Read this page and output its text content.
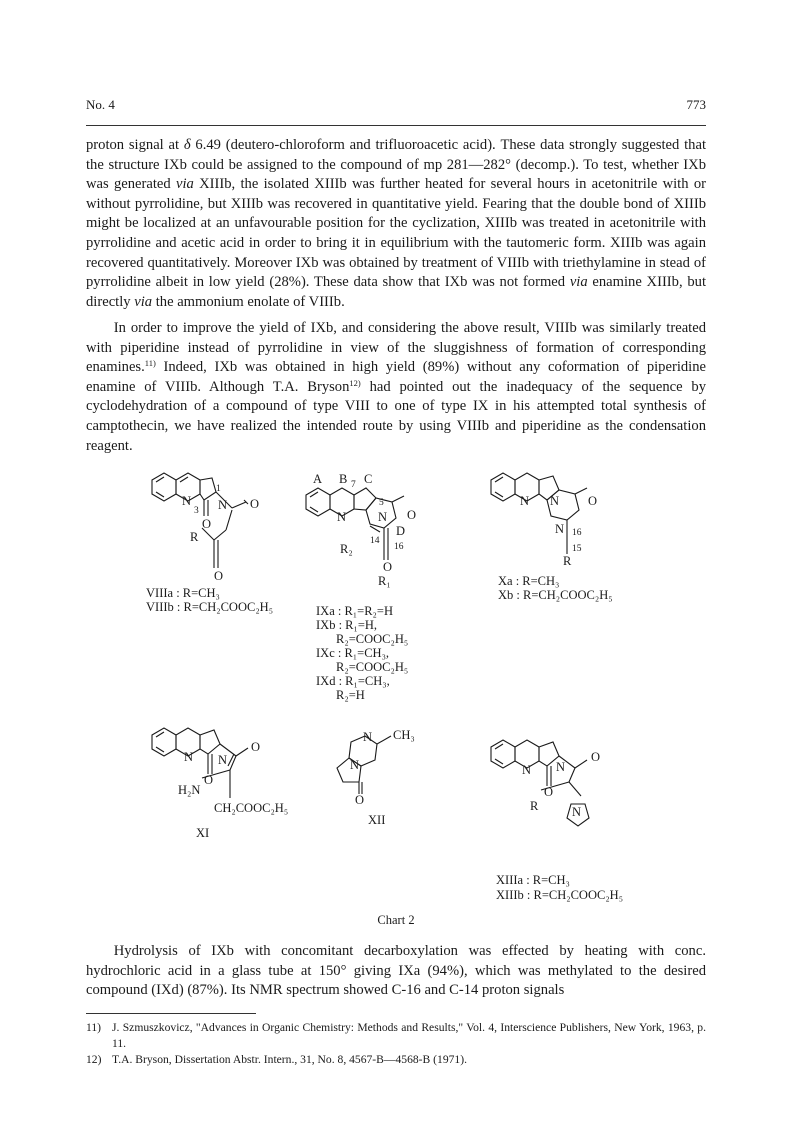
No. 4	773

proton signal at δ 6.49 (deutero-chloroform and trifluoroacetic acid). These data strongly suggested that the structure IXb could be assigned to the compound of mp 281—282° (decomp.). To test, whether IXb was generated via XIIIb, the isolated XIIIb was further heated for several hours in acetonitrile with or without pyrrolidine, but XIIIb was recovered in quantitative yield. Fearing that the double bond of XIIIb might be localized at an unfavourable position for the cyclization, XIIIb was treated in acetonitrile with pyrrolidine and acetic acid in order to bring it in equilibrium with the tautomeric form. XIIIb was again recovered quantitatively. Moreover IXb was obtained by treatment of VIIIb with triethylamine in stead of pyrrolidine albeit in low yield (28%). These data show that IXb was not formed via enamine XIIIb, but directly via the ammonium enolate of VIIIb.

In order to improve the yield of IXb, and considering the above result, VIIIb was similarly treated with piperidine instead of pyrrolidine in view of the sluggishness of formation of corresponding enamines.$^{11)}$ Indeed, IXb was obtained in high yield (89%) without any coformation of piperidine enamine of VIIIb. Although T.A. Bryson$^{12)}$ had pointed out the inadequacy of the sequence by cyclodehydration of a compound of type VIII to one of type IX in his attempted total synthesis of camptothecin, we have realized the intended route by using VIIIb and piperidine as the condensation reagent.

1
3
N N O
O
R
O
VIIIa : R=CH₃
VIIIb : R=CH₂COOC₂H₅
A B 7 C
5
N	N O
D
14
16
R₂
O
R₁
IXa : R₁=R₂=H
IXb : R₁=H,
R₂=COOC₂H₅
IXc : R₁=CH₃,
R₂=COOC₂H₅
IXd : R₁=CH₃,
R₂=H
N N O
N 16
15
R
Xa : R=CH₃
Xb : R=CH₂COOC₂H₅
N N
O
O
H₂N
CH₂COOC₂H₅
XI
N
N
CH₃
O
XII
N N
O
O
R	N
XIIIa : R=CH₃
XIIIb : R=CH₂COOC₂H₅
Chart 2

Hydrolysis of IXb with concomitant decarboxylation was effected by heating with conc. hydrochloric acid in a glass tube at 150° giving IXa (94%), which was methylated to the desired compound (IXd) (87%). Its NMR spectrum showed C-16 and C-14 proton signals

11) J. Szmuszkovicz, "Advances in Organic Chemistry: Methods and Results," Vol. 4, Interscience Publishers, New York, 1963, p. 11.
12) T.A. Bryson, Dissertation Abstr. Intern., 31, No. 8, 4567-B—4568-B (1971).
